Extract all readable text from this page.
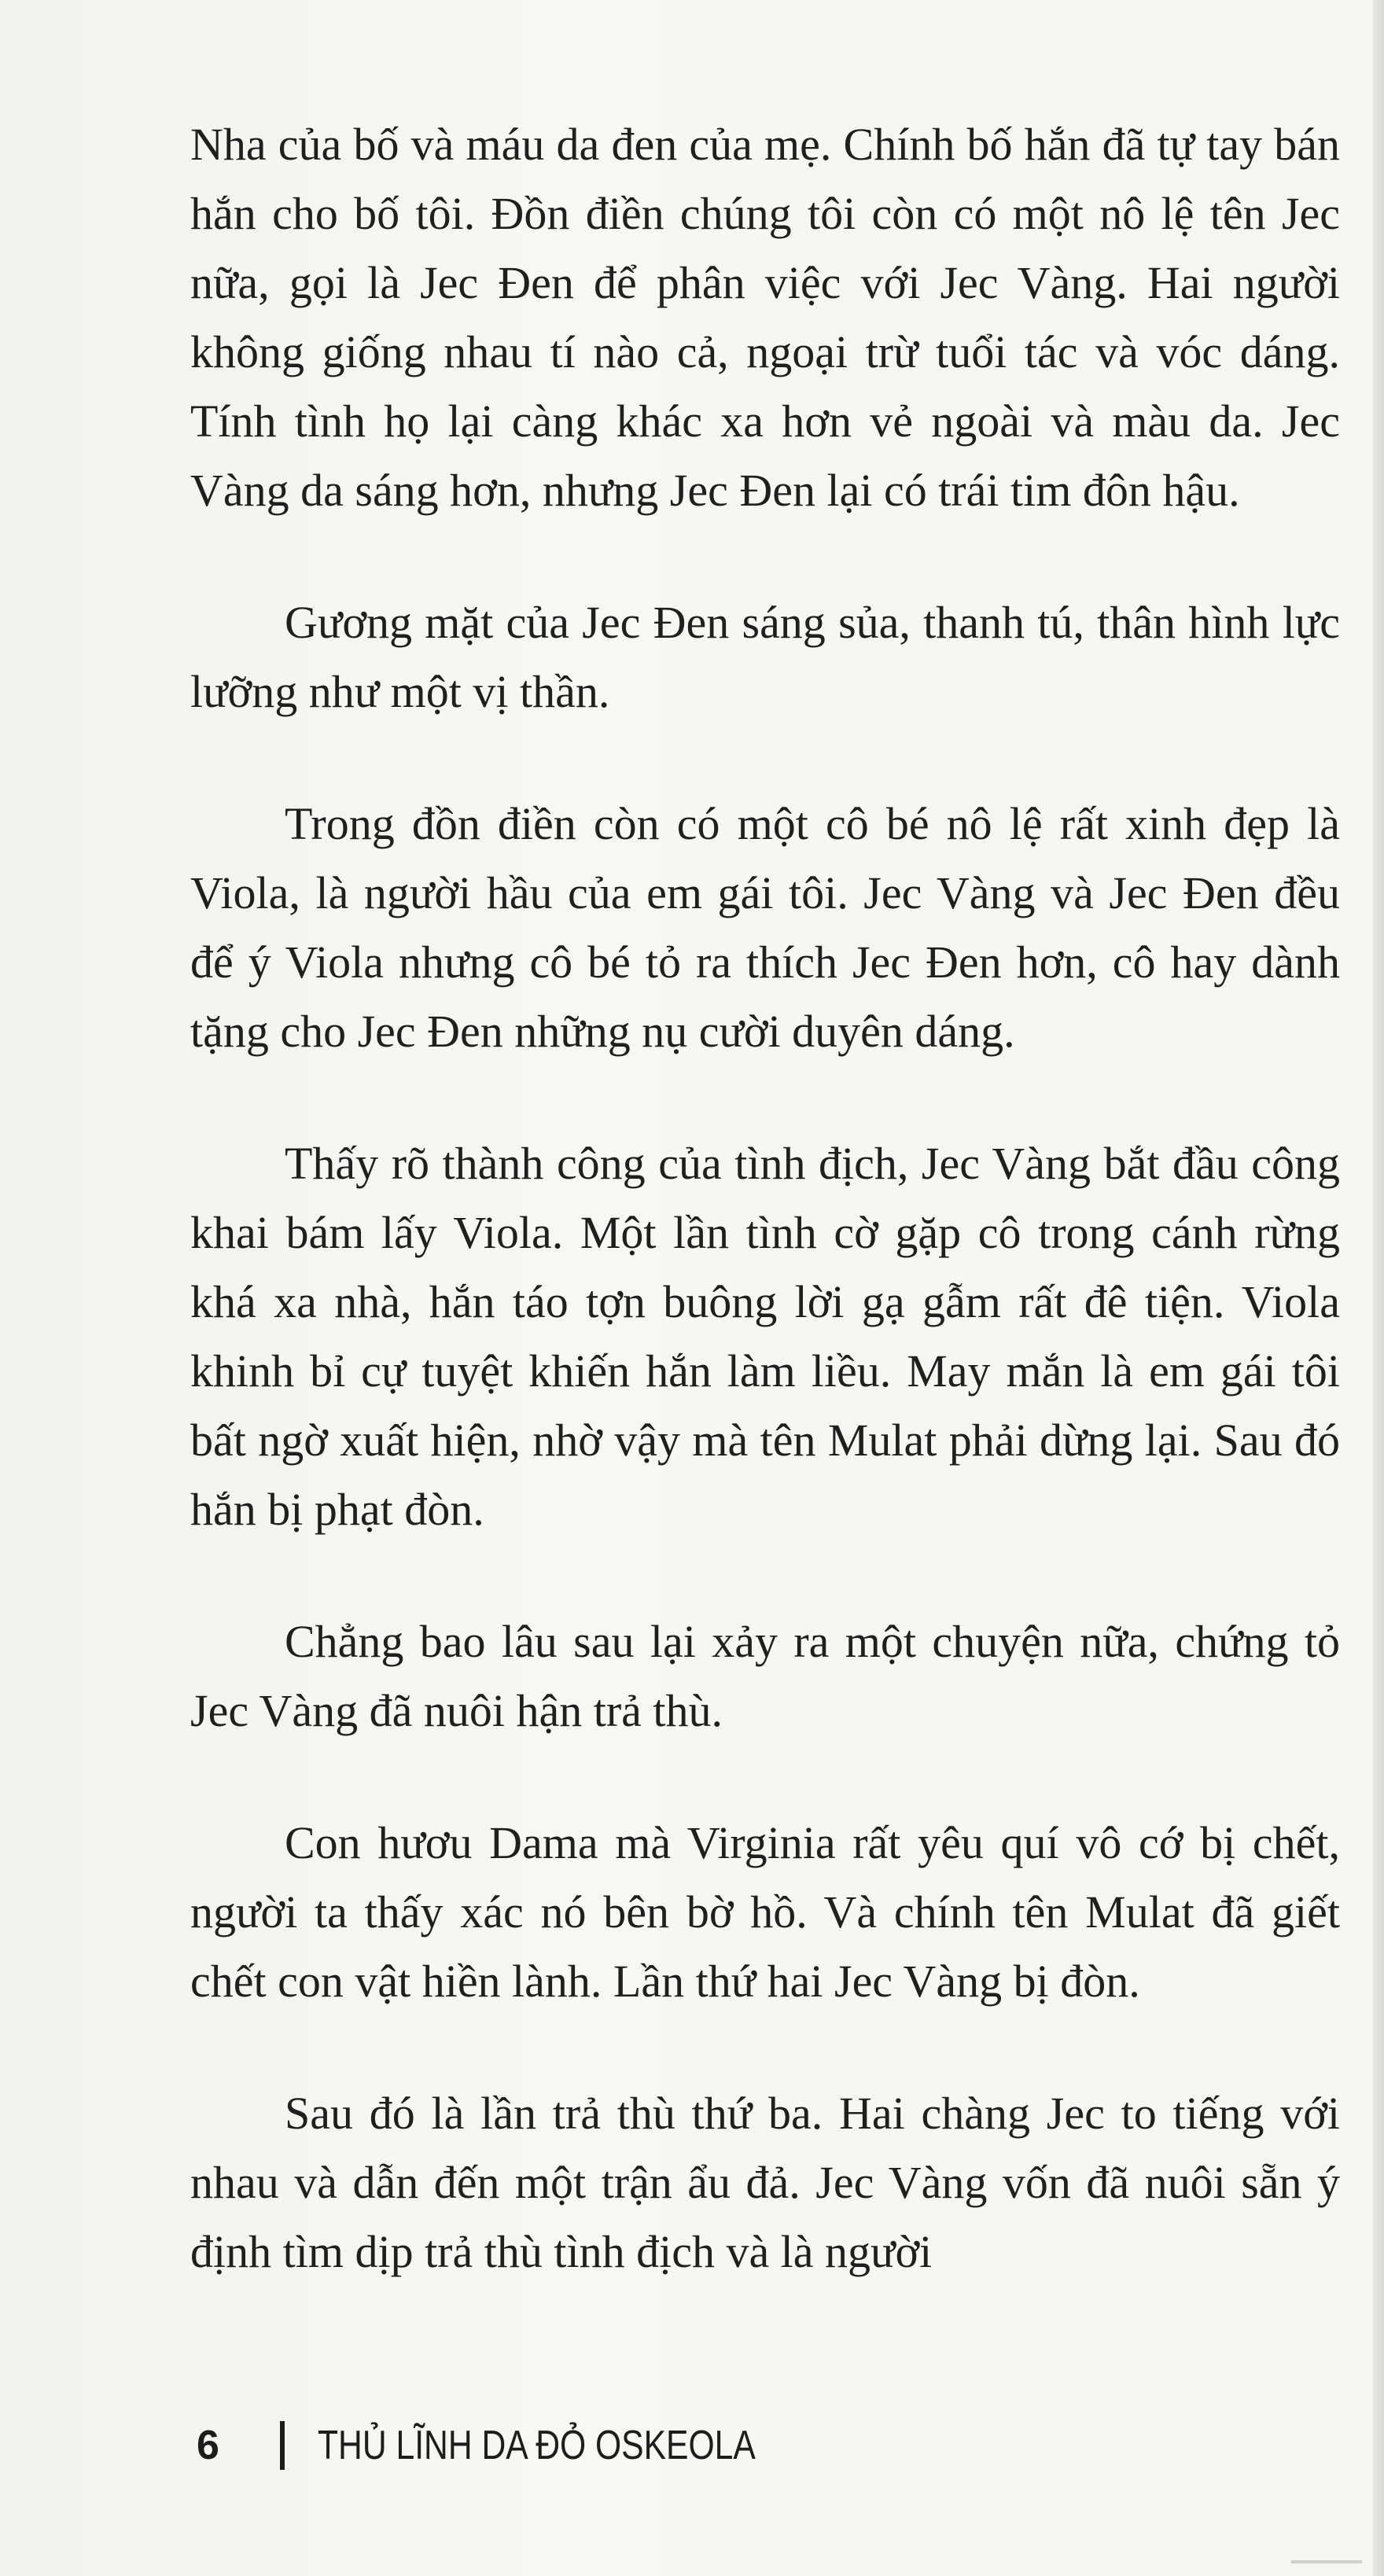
Nha của bố và máu da đen của mẹ. Chính bố hắn đã tự tay bán hắn cho bố tôi. Đồn điền chúng tôi còn có một nô lệ tên Jec nữa, gọi là Jec Đen để phân việc với Jec Vàng. Hai người không giống nhau tí nào cả, ngoại trừ tuổi tác và vóc dáng. Tính tình họ lại càng khác xa hơn vẻ ngoài và màu da. Jec Vàng da sáng hơn, nhưng Jec Đen lại có trái tim đôn hậu.

Gương mặt của Jec Đen sáng sủa, thanh tú, thân hình lực lưỡng như một vị thần.

Trong đồn điền còn có một cô bé nô lệ rất xinh đẹp là Viola, là người hầu của em gái tôi. Jec Vàng và Jec Đen đều để ý Viola nhưng cô bé tỏ ra thích Jec Đen hơn, cô hay dành tặng cho Jec Đen những nụ cười duyên dáng.

Thấy rõ thành công của tình địch, Jec Vàng bắt đầu công khai bám lấy Viola. Một lần tình cờ gặp cô trong cánh rừng khá xa nhà, hắn táo tợn buông lời gạ gẫm rất đê tiện. Viola khinh bỉ cự tuyệt khiến hắn làm liều. May mắn là em gái tôi bất ngờ xuất hiện, nhờ vậy mà tên Mulat phải dừng lại. Sau đó hắn bị phạt đòn.

Chẳng bao lâu sau lại xảy ra một chuyện nữa, chứng tỏ Jec Vàng đã nuôi hận trả thù.

Con hươu Dama mà Virginia rất yêu quí vô cớ bị chết, người ta thấy xác nó bên bờ hồ. Và chính tên Mulat đã giết chết con vật hiền lành. Lần thứ hai Jec Vàng bị đòn.

Sau đó là lần trả thù thứ ba. Hai chàng Jec to tiếng với nhau và dẫn đến một trận ẩu đả. Jec Vàng vốn đã nuôi sẵn ý định tìm dịp trả thù tình địch và là người

6	THỦ LĨNH DA ĐỎ OSKEOLA
